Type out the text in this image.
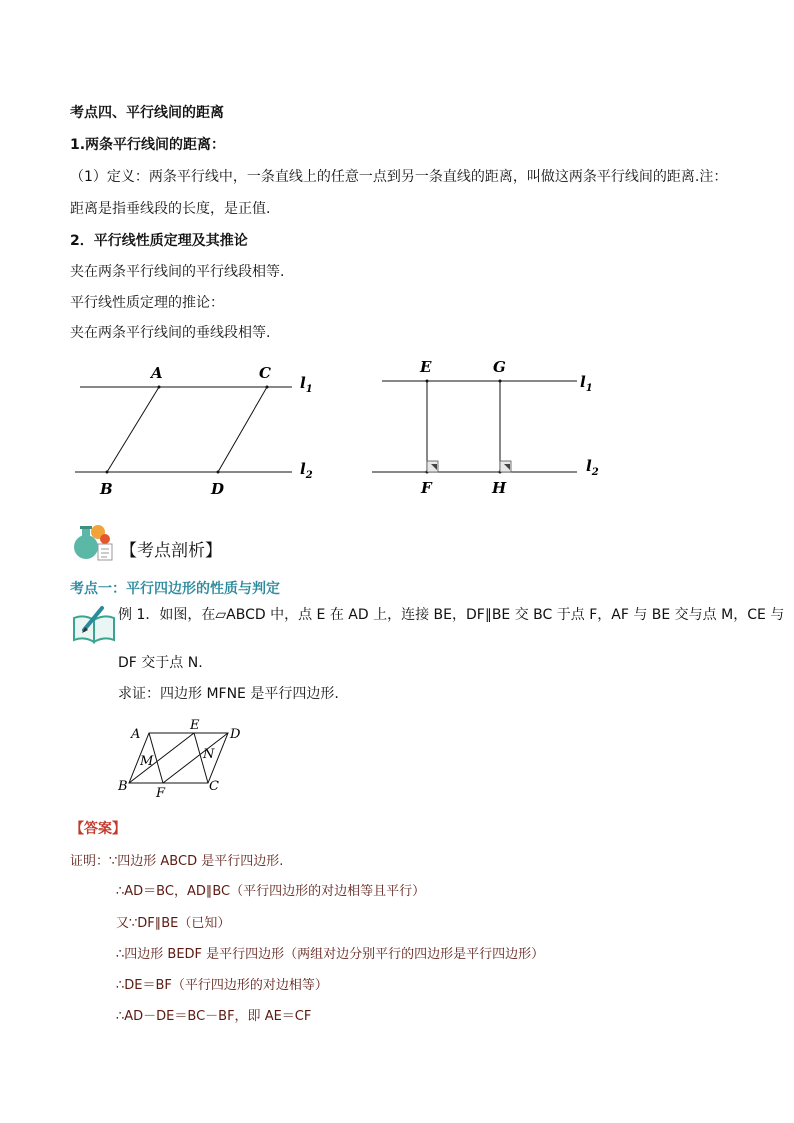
考点四、平行线间的距离
1.两条平行线间的距离：
（1）定义：两条平行线中，一条直线上的任意一点到另一条直线的距离，叫做这两条平行线间的距离.注：
距离是指垂线段的长度，是正值.
2．平行线性质定理及其推论
夹在两条平行线间的平行线段相等.
平行线性质定理的推论：
夹在两条平行线间的垂线段相等.
A	C
B	D
$l_1$
$l_2$
E	G
F	H
$l_1$
$l_2$
【考点剖析】
考点一：平行四边形的性质与判定
例 1．如图，在▱ABCD 中，点 E 在 AD 上，连接 BE，DF∥BE 交 BC 于点 F，AF 与 BE 交与点 M，CE 与
DF 交于点 N.
求证：四边形 MFNE 是平行四边形.
A
E
D
M	N
B F	C
【答案】
证明：∵四边形 ABCD 是平行四边形.
∴AD＝BC，AD∥BC（平行四边形的对边相等且平行）
又∵DF∥BE（已知）
∴四边形 BEDF 是平行四边形（两组对边分别平行的四边形是平行四边形）
∴DE＝BF（平行四边形的对边相等）
∴AD－DE＝BC－BF，即 AE＝CF
